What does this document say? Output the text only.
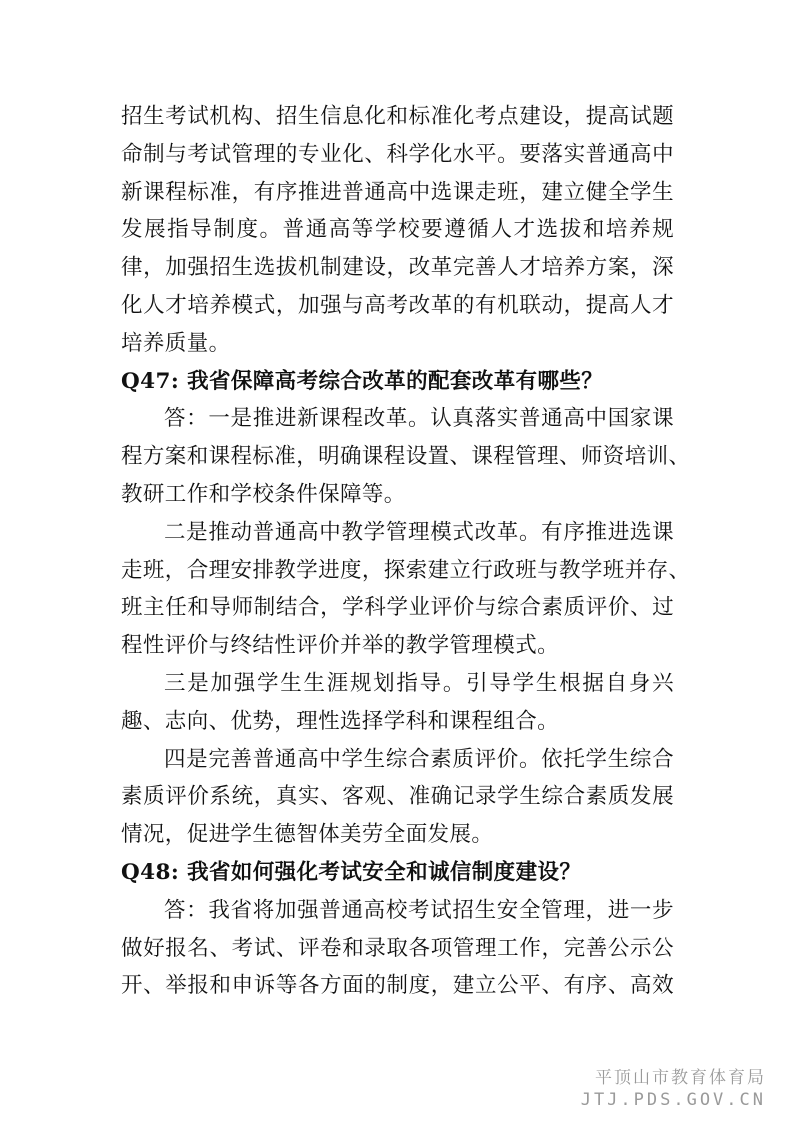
招生考试机构、招生信息化和标准化考点建设，提高试题
命制与考试管理的专业化、科学化水平。要落实普通高中
新课程标准，有序推进普通高中选课走班，建立健全学生
发展指导制度。普通高等学校要遵循人才选拔和培养规
律，加强招生选拔机制建设，改革完善人才培养方案，深
化人才培养模式，加强与高考改革的有机联动，提高人才
培养质量。
Q47: 我省保障高考综合改革的配套改革有哪些？
答：一是推进新课程改革。认真落实普通高中国家课
程方案和课程标准，明确课程设置、课程管理、师资培训、
教研工作和学校条件保障等。
二是推动普通高中教学管理模式改革。有序推进选课
走班，合理安排教学进度，探索建立行政班与教学班并存、
班主任和导师制结合，学科学业评价与综合素质评价、过
程性评价与终结性评价并举的教学管理模式。
三是加强学生生涯规划指导。引导学生根据自身兴
趣、志向、优势，理性选择学科和课程组合。
四是完善普通高中学生综合素质评价。依托学生综合
素质评价系统，真实、客观、准确记录学生综合素质发展
情况，促进学生德智体美劳全面发展。
Q48: 我省如何强化考试安全和诚信制度建设？
答：我省将加强普通高校考试招生安全管理，进一步
做好报名、考试、评卷和录取各项管理工作，完善公示公
开、举报和申诉等各方面的制度，建立公平、有序、高效
平顶山市教育体育局
JTJ.PDS.GOV.CN
